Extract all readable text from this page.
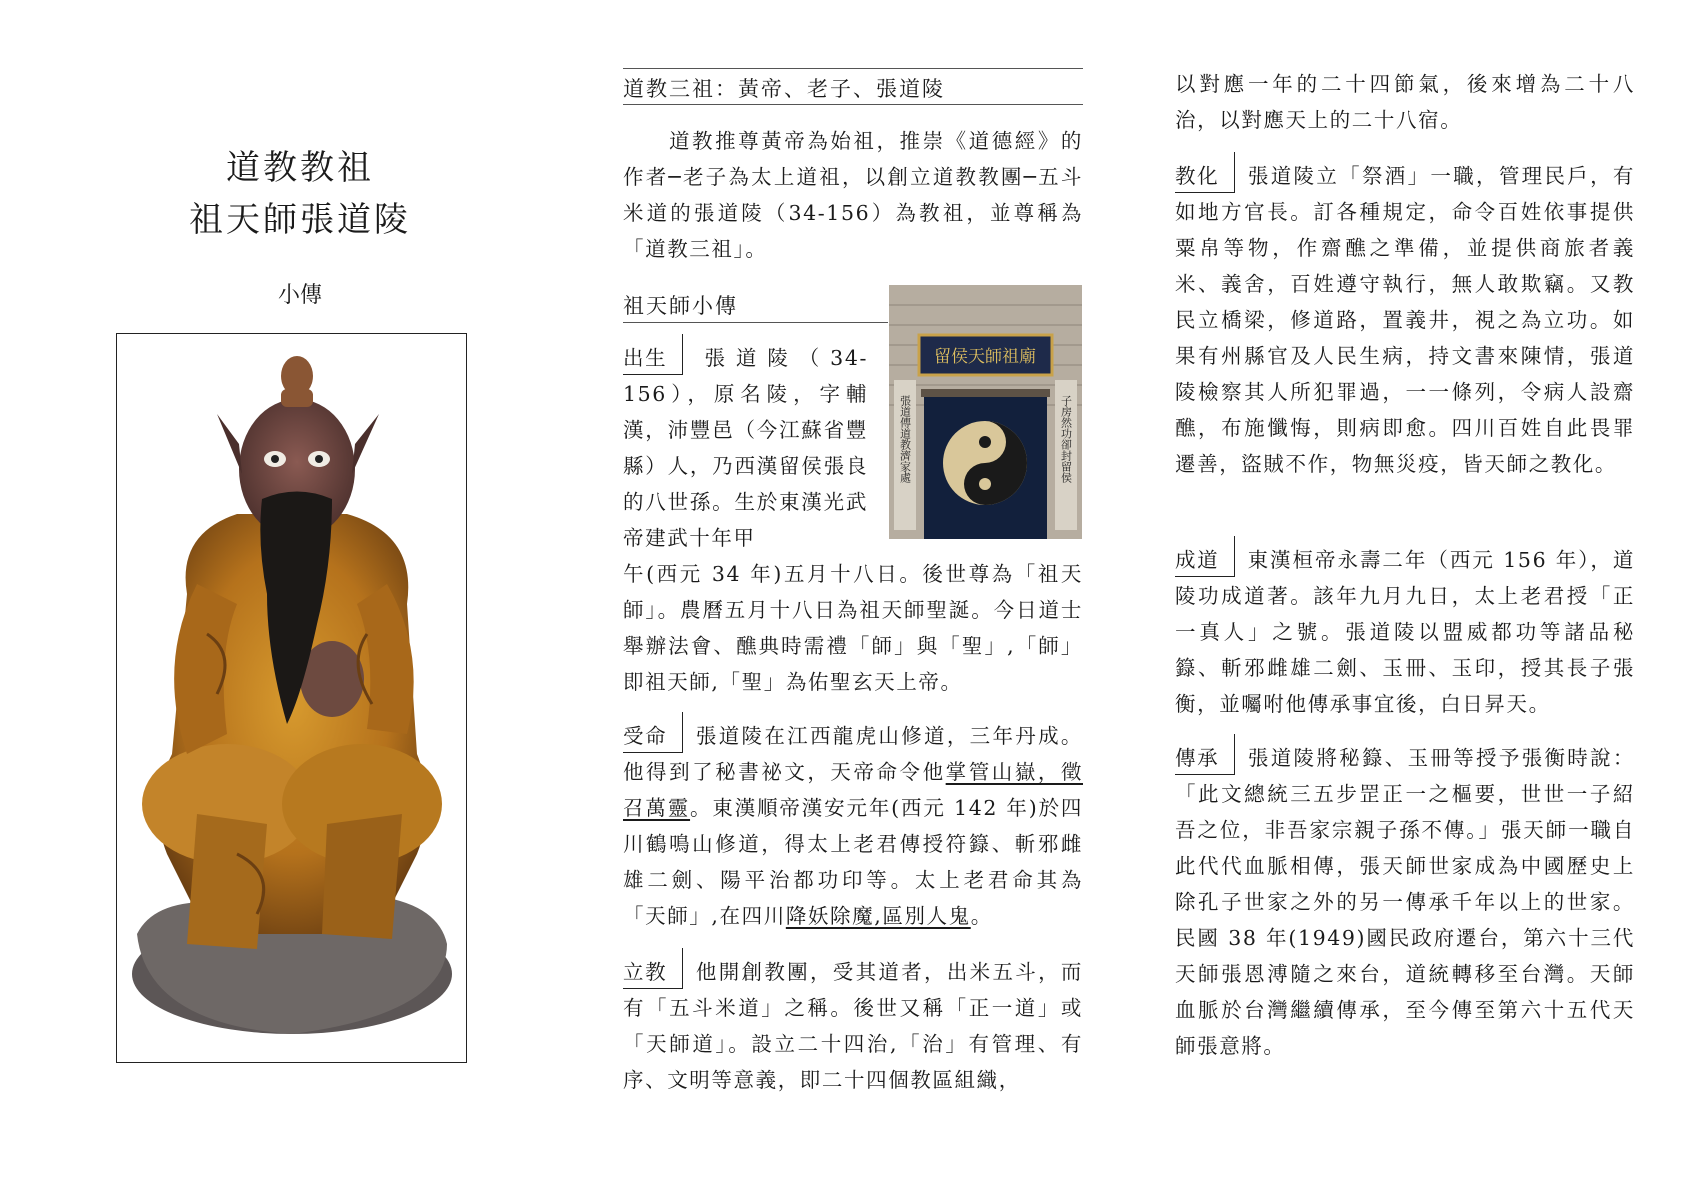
道教教祖
祖天師張道陵
小傳
道教三祖：黃帝、老子、張道陵
道教推尊黃帝為始祖，推崇《道德經》的作者─老子為太上道祖，以創立道教教團─五斗米道的張道陵（34-156）為教祖，並尊稱為「道教三祖」。
祖天師小傳
出生 張道陵（34-156），原名陵，字輔漢，沛豐邑（今江蘇省豐縣）人，乃西漢留侯張良的八世孫。生於東漢光武帝建武十年甲
午(西元 34 年)五月十八日。後世尊為「祖天師」。農曆五月十八日為祖天師聖誕。今日道士舉辦法會、醮典時需禮「師」與「聖」,「師」即祖天師,「聖」為佑聖玄天上帝。
受命 張道陵在江西龍虎山修道，三年丹成。他得到了秘書祕文，天帝命令他掌管山嶽，徵召萬靈。東漢順帝漢安元年(西元 142 年)於四川鶴鳴山修道，得太上老君傳授符籙、斬邪雌雄二劍、陽平治都功印等。太上老君命其為「天師」,在四川降妖除魔,區別人鬼。
立教 他開創教團，受其道者，出米五斗，而有「五斗米道」之稱。後世又稱「正一道」或「天師道」。設立二十四治,「治」有管理、有序、文明等意義，即二十四個教區組織，
留侯天師祖廟
張道傳道教濟家處	子房然功卻封留侯
以對應一年的二十四節氣，後來增為二十八治，以對應天上的二十八宿。
教化 張道陵立「祭酒」一職，管理民戶，有如地方官長。訂各種規定，命令百姓依事提供粟帛等物，作齋醮之準備，並提供商旅者義米、義舍，百姓遵守執行，無人敢欺竊。又教民立橋梁，修道路，置義井，視之為立功。如果有州縣官及人民生病，持文書來陳情，張道陵檢察其人所犯罪過，一一條列，令病人設齋醮，布施懺悔，則病即愈。四川百姓自此畏罪遷善，盜賊不作，物無災疫，皆天師之教化。
成道 東漢桓帝永壽二年（西元 156 年），道陵功成道著。該年九月九日，太上老君授「正一真人」之號。張道陵以盟威都功等諸品秘籙、斬邪雌雄二劍、玉冊、玉印，授其長子張衡，並囑咐他傳承事宜後，白日昇天。
傳承 張道陵將秘籙、玉冊等授予張衡時說：「此文總統三五步罡正一之樞要，世世一子紹吾之位，非吾家宗親子孫不傳。」張天師一職自此代代血脈相傳，張天師世家成為中國歷史上除孔子世家之外的另一傳承千年以上的世家。民國 38 年(1949)國民政府遷台，第六十三代天師張恩溥隨之來台，道統轉移至台灣。天師血脈於台灣繼續傳承，至今傳至第六十五代天師張意將。
